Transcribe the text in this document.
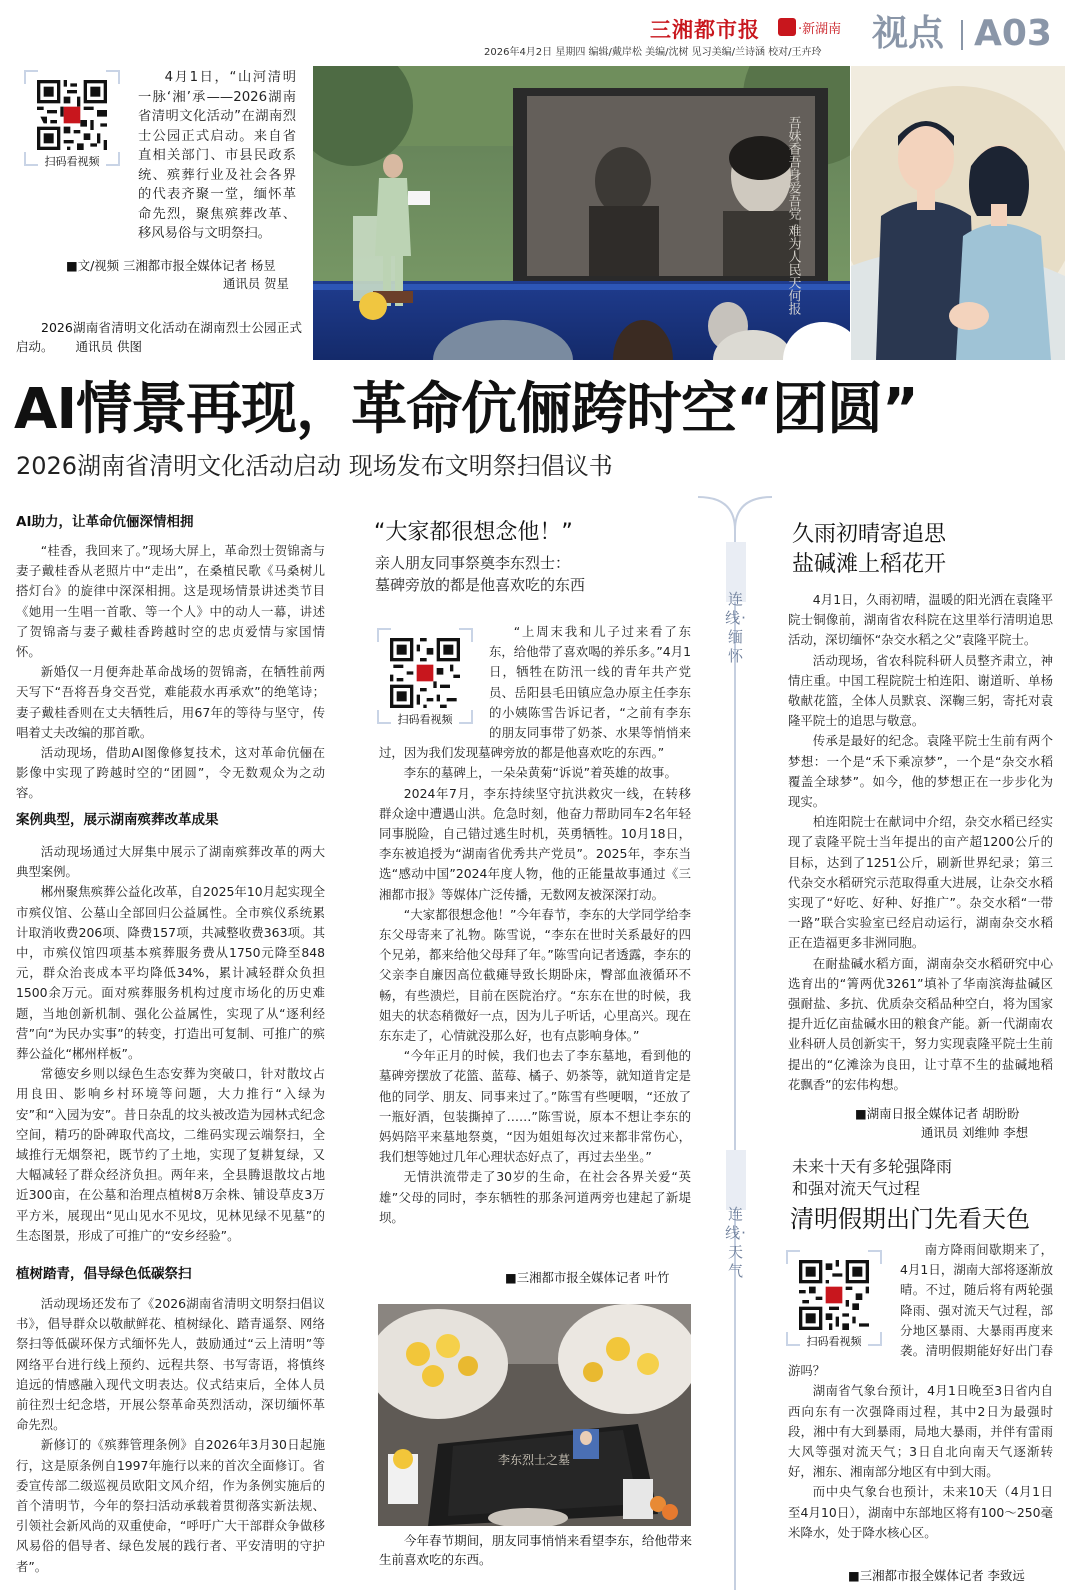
三湘都市报	·新湖南 视点 A03
2026年4月2日 星期四 编辑/戴岸松 美编/沈树 见习美编/兰诗涵 校对/王卉玲
扫码看视频
4月1日，“山河清明 一脉‘湘’承——2026湖南省清明文化活动”在湖南烈士公园正式启动。来自省直相关部门、市县民政系统、殡葬行业及社会各界的代表齐聚一堂，缅怀革命先烈，聚焦殡葬改革、移风易俗与文明祭扫。
■文/视频 三湘都市报全媒体记者 杨昱
通讯员 贺星
2026湖南省清明文化活动在湖南烈士公园正式启动。 通讯员 供图
吾妹香吾身爱吾党 难为人民天何报
AI情景再现，革命伉俪跨时空“团圆”
2026湖南省清明文化活动启动 现场发布文明祭扫倡议书
AI助力，让革命伉俪深情相拥

“桂香，我回来了。”现场大屏上，革命烈士贺锦斋与妻子戴桂香从老照片中“走出”，在桑植民歌《马桑树儿搭灯台》的旋律中深深相拥。这是现场情景讲述类节目《她用一生唱一首歌、等一个人》中的动人一幕，讲述了贺锦斋与妻子戴桂香跨越时空的忠贞爱情与家国情怀。

新婚仅一月便奔赴革命战场的贺锦斋，在牺牲前两天写下“吾将吾身交吾党，难能菽水再承欢”的绝笔诗；妻子戴桂香则在丈夫牺牲后，用67年的等待与坚守，传唱着丈夫改编的那首歌。

活动现场，借助AI图像修复技术，这对革命伉俪在影像中实现了跨越时空的“团圆”，令无数观众为之动容。

案例典型，展示湖南殡葬改革成果

活动现场通过大屏集中展示了湖南殡葬改革的两大典型案例。

郴州聚焦殡葬公益化改革，自2025年10月起实现全市殡仪馆、公墓山全部回归公益属性。全市殡仪系统累计取消收费206项、降费157项，共减整收费363项。其中，市殡仪馆四项基本殡葬服务费从1750元降至848元，群众治丧成本平均降低34%，累计减轻群众负担1500余万元。面对殡葬服务机构过度市场化的历史难题，当地创新机制、强化公益属性，实现了从“逐利经营”向“为民办实事”的转变，打造出可复制、可推广的殡葬公益化“郴州样板”。

常德安乡则以绿色生态安葬为突破口，针对散坟占用良田、影响乡村环境等问题，大力推行“入绿为安”和“入园为安”。昔日杂乱的坟头被改造为园林式纪念空间，精巧的卧碑取代高坟，二维码实现云端祭扫，全域推行无烟祭祀，既节约了土地，实现了复耕复绿，又大幅减轻了群众经济负担。两年来，全县腾退散坟占地近300亩，在公墓和治理点植树8万余株、铺设草皮3万平方米，展现出“见山见水不见坟，见林见绿不见墓”的生态图景，形成了可推广的“安乡经验”。

植树踏青，倡导绿色低碳祭扫

活动现场还发布了《2026湖南省清明文明祭扫倡议书》，倡导群众以敬献鲜花、植树绿化、踏青遥祭、网络祭扫等低碳环保方式缅怀先人，鼓励通过“云上清明”等网络平台进行线上预约、远程共祭、书写寄语，将慎终追远的情感融入现代文明表达。仪式结束后，全体人员前往烈士纪念塔，开展公祭革命英烈活动，深切缅怀革命先烈。

新修订的《殡葬管理条例》自2026年3月30日起施行，这是原条例自1997年施行以来的首次全面修订。省委宣传部二级巡视员欧阳文风介绍，作为条例实施后的首个清明节，今年的祭扫活动承载着贯彻落实新法规、引领社会新风尚的双重使命，“呼吁广大干部群众争做移风易俗的倡导者、绿色发展的践行者、平安清明的守护者”。

“大家都很想念他！”
亲人朋友同事祭奠李东烈士：
墓碑旁放的都是他喜欢吃的东西
扫码看视频

“上周末我和儿子过来看了东东，给他带了喜欢喝的养乐多。”4月1日，牺牲在防汛一线的青年共产党员、岳阳县毛田镇应急办原主任李东的小姨陈雪告诉记者，“之前有李东的朋友同事带了奶茶、水果等悄悄来过，因为我们发现墓碑旁放的都是他喜欢吃的东西。”

李东的墓碑上，一朵朵黄菊“诉说”着英雄的故事。

2024年7月，李东持续坚守抗洪救灾一线，在转移群众途中遭遇山洪。危急时刻，他奋力帮助同车2名年轻同事脱险，自己错过逃生时机，英勇牺牲。10月18日，李东被追授为“湖南省优秀共产党员”。2025年，李东当选“感动中国”2024年度人物，他的正能量故事通过《三湘都市报》等媒体广泛传播，无数网友被深深打动。

“大家都很想念他！”今年春节，李东的大学同学给李东父母寄来了礼物。陈雪说，“李东在世时关系最好的四个兄弟，都来给他父母拜了年。”陈雪向记者透露，李东的父亲李自廉因高位截瘫导致长期卧床，臀部血液循环不畅，有些溃烂，目前在医院治疗。“东东在世的时候，我姐夫的状态稍微好一点，因为儿子听话，心里高兴。现在东东走了，心情就没那么好，也有点影响身体。”

“今年正月的时候，我们也去了李东墓地，看到他的墓碑旁摆放了花篮、蓝莓、橘子、奶茶等，就知道肯定是他的同学、朋友、同事来过了。”陈雪有些哽咽，“还放了一瓶好酒，包装撕掉了……”陈雪说，原本不想让李东的妈妈陪平来墓地祭奠，“因为姐姐每次过来都非常伤心，我们想等她过几年心理状态好点了，再过去坐坐。”

无情洪流带走了30岁的生命，在社会各界关爱“英雄”父母的同时，李东牺牲的那条河道两旁也建起了新堤坝。

■三湘都市报全媒体记者 叶竹
李东烈士之墓
今年春节期间，朋友同事悄悄来看望李东，给他带来生前喜欢吃的东西。
连线·缅怀
连线·天气
久雨初晴寄追思
盐碱滩上稻花开

4月1日，久雨初晴，温暖的阳光洒在袁隆平院士铜像前，湖南省农科院在这里举行清明追思活动，深切缅怀“杂交水稻之父”袁隆平院士。

活动现场，省农科院科研人员整齐肃立，神情庄重。中国工程院院士柏连阳、谢道昕、单杨敬献花篮，全体人员默哀、深鞠三躬，寄托对袁隆平院士的追思与敬意。

传承是最好的纪念。袁隆平院士生前有两个梦想：一个是“禾下乘凉梦”，一个是“杂交水稻覆盖全球梦”。如今，他的梦想正在一步步化为现实。

柏连阳院士在献词中介绍，杂交水稻已经实现了袁隆平院士当年提出的亩产超1200公斤的目标，达到了1251公斤，刷新世界纪录；第三代杂交水稻研究示范取得重大进展，让杂交水稻实现了“好吃、好种、好推广”。杂交水稻“一带一路”联合实验室已经启动运行，湖南杂交水稻正在造福更多非洲同胞。

在耐盐碱水稻方面，湖南杂交水稻研究中心选育出的“箐两优3261”填补了华南滨海盐碱区强耐盐、多抗、优质杂交稻品种空白，将为国家提升近亿亩盐碱水田的粮食产能。新一代湖南农业科研人员创新实干，努力实现袁隆平院士生前提出的“亿滩涂为良田，让寸草不生的盐碱地稻花飘香”的宏伟构想。

■湖南日报全媒体记者 胡盼盼
通讯员 刘维帅 李想
未来十天有多轮强降雨
和强对流天气过程
清明假期出门先看天色
扫码看视频

南方降雨间歇期来了，4月1日，湖南大部将逐渐放晴。不过，随后将有两轮强降雨、强对流天气过程，部分地区暴雨、大暴雨再度来袭。清明假期能好好出门春游吗？

湖南省气象台预计，4月1日晚至3日省内自西向东有一次强降雨过程，其中2日为最强时段，湘中有大到暴雨，局地大暴雨，并伴有雷雨大风等强对流天气；3日自北向南天气逐渐转好，湘东、湘南部分地区有中到大雨。

而中央气象台也预计，未来10天（4月1日至4月10日），湖南中东部地区将有100～250毫米降水，处于降水核心区。

■三湘都市报全媒体记者 李致远
